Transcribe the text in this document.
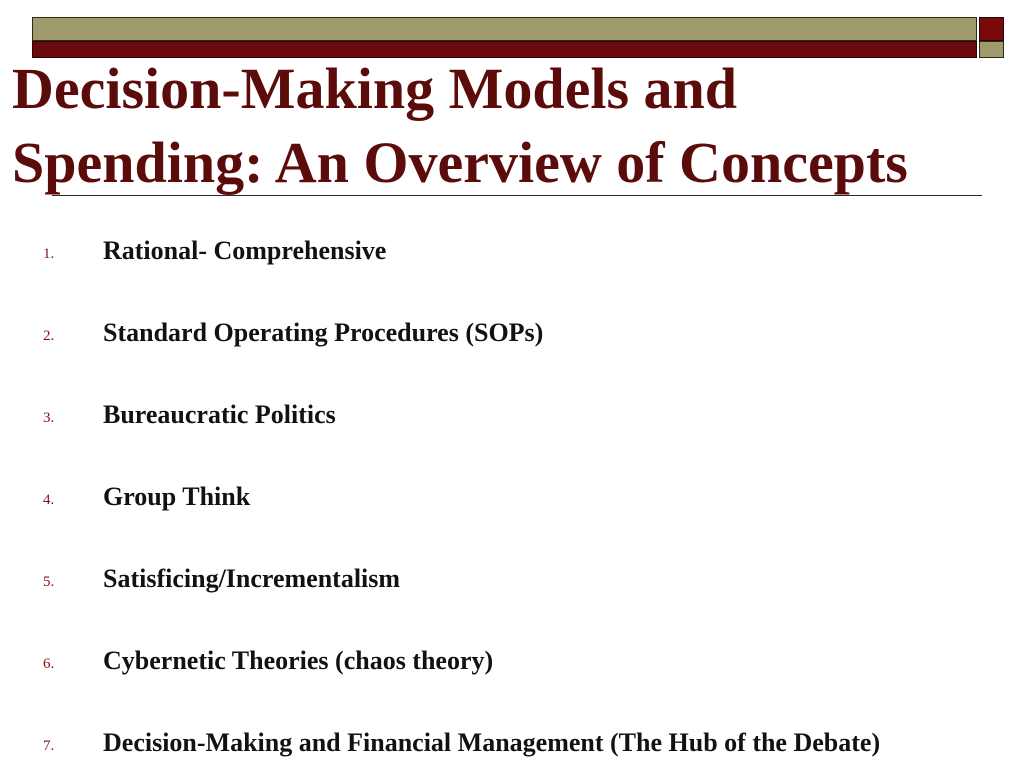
Decision-Making Models and
Spending: An Overview of Concepts
1. Rational- Comprehensive
2. Standard Operating Procedures (SOPs)
3. Bureaucratic Politics
4. Group Think
5. Satisficing/Incrementalism
6. Cybernetic Theories (chaos theory)
7. Decision-Making and Financial Management (The Hub of the Debate)
